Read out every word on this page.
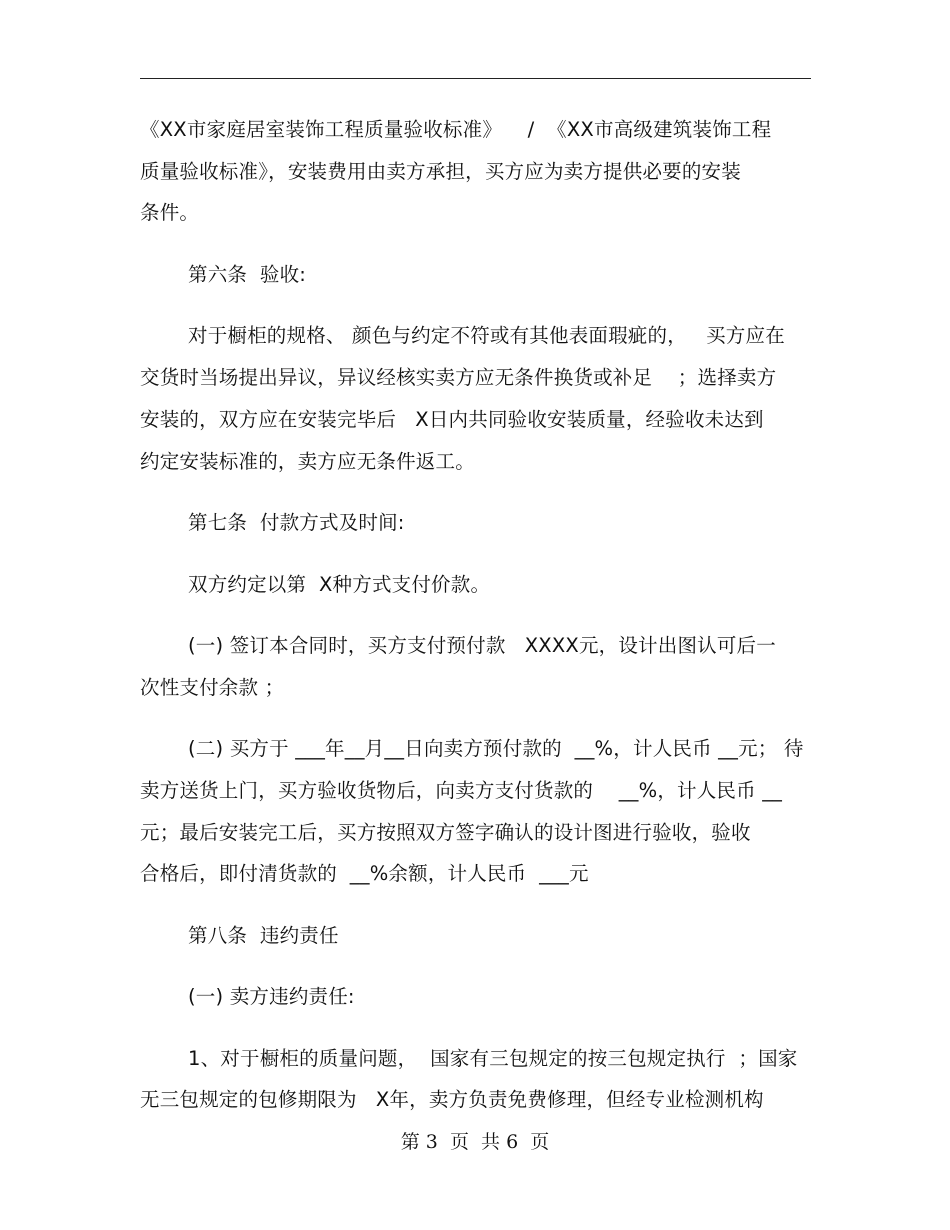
《XX市家庭居室装饰工程质量验收标准》    /  《XX市高级建筑装饰工程
质量验收标准》，安装费用由卖方承担，买方应为卖方提供必要的安装
条件。
第六条  验收:
对于橱柜的规格、 颜色与约定不符或有其他表面瑕疵的，   买方应在
交货时当场提出异议，异议经核实卖方应无条件换货或补足    ；选择卖方
安装的，双方应在安装完毕后   X日内共同验收安装质量，经验收未达到
约定安装标准的，卖方应无条件返工。
第七条  付款方式及时间:
双方约定以第  X种方式支付价款。
(一) 签订本合同时，买方支付预付款   XXXX元，设计出图认可后一
次性支付余款 ；
(二) 买方于 ___年__月__日向卖方预付款的  __%，计人民币 __元； 待
卖方送货上门，买方验收货物后，向卖方支付货款的    __%，计人民币 __
元；最后安装完工后，买方按照双方签字确认的设计图进行验收，验收
合格后，即付清货款的  __%余额，计人民币  ___元
第八条  违约责任
(一) 卖方违约责任:
1、对于橱柜的质量问题，  国家有三包规定的按三包规定执行  ；国家
无三包规定的包修期限为   X年，卖方负责免费修理，但经专业检测机构
第 3  页  共 6  页
